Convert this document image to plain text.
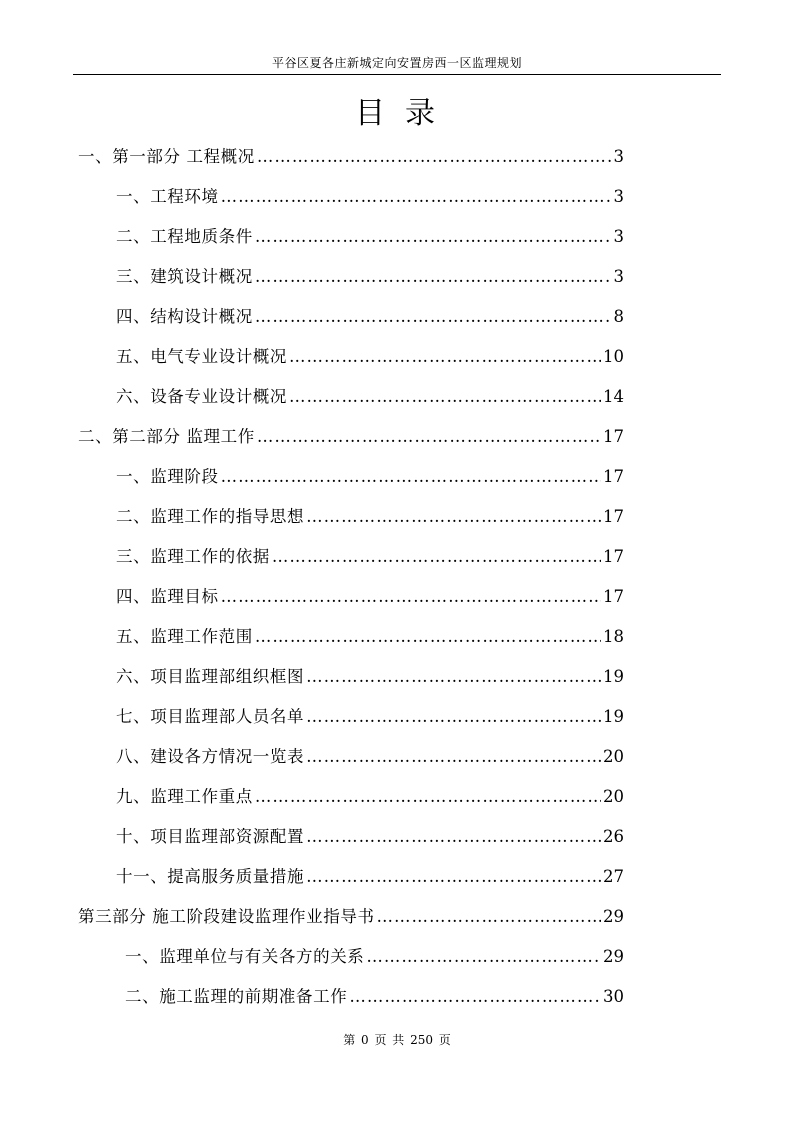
平谷区夏各庄新城定向安置房西一区监理规划
目录
一、第一部分 工程概况 …………………………………………………………………………………………………………………………………………………………………	3
一、工程环境 …………………………………………………………………………………………………………………………………………………………………	3
二、工程地质条件 …………………………………………………………………………………………………………………………………………………………………	3
三、建筑设计概况 …………………………………………………………………………………………………………………………………………………………………	3
四、结构设计概况 …………………………………………………………………………………………………………………………………………………………………	8
五、电气专业设计概况 …………………………………………………………………………………………………………………………………………………………………	10
六、设备专业设计概况 …………………………………………………………………………………………………………………………………………………………………	14
二、第二部分 监理工作 …………………………………………………………………………………………………………………………………………………………………	17
一、监理阶段 …………………………………………………………………………………………………………………………………………………………………	17
二、监理工作的指导思想 …………………………………………………………………………………………………………………………………………………………………	17
三、监理工作的依据 …………………………………………………………………………………………………………………………………………………………………	17
四、监理目标 …………………………………………………………………………………………………………………………………………………………………	17
五、监理工作范围 …………………………………………………………………………………………………………………………………………………………………	18
六、项目监理部组织框图 …………………………………………………………………………………………………………………………………………………………………	19
七、项目监理部人员名单 …………………………………………………………………………………………………………………………………………………………………	19
八、建设各方情况一览表 …………………………………………………………………………………………………………………………………………………………………	20
九、监理工作重点 …………………………………………………………………………………………………………………………………………………………………	20
十、项目监理部资源配置 …………………………………………………………………………………………………………………………………………………………………	26
十一、提高服务质量措施 …………………………………………………………………………………………………………………………………………………………………	27
第三部分 施工阶段建设监理作业指导书 …………………………………………………………………………………………………………………………………………………………………	29
一、监理单位与有关各方的关系 …………………………………………………………………………………………………………………………………………………………………	29
二、施工监理的前期准备工作 …………………………………………………………………………………………………………………………………………………………………	30
第 0 页 共 250 页
